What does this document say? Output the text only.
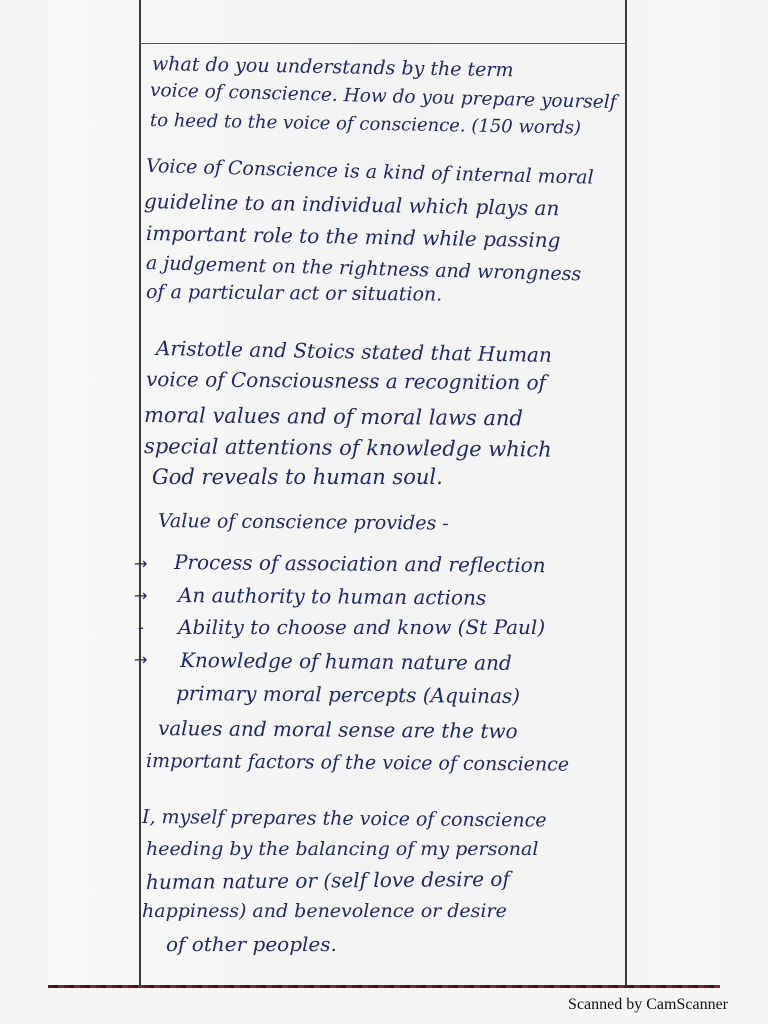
what do you understands by the term
voice of conscience. How do you prepare yourself
to heed to the voice of conscience. (150 words)
Voice of Conscience is a kind of internal moral
guideline to an individual which plays an
important role to the mind while passing
a judgement on the rightness and wrongness
of a particular act or situation.
Aristotle and Stoics stated that Human
voice of Consciousness a recognition of
moral values and of moral laws and
special attentions of knowledge which
God reveals to human soul.
Value of conscience provides -
→ Process of association and reflection
→ An authority to human actions
- Ability to choose and know (St Paul)
→ Knowledge of human nature and
primary moral percepts (Aquinas)
values and moral sense are the two
important factors of the voice of conscience
I, myself prepares the voice of conscience
heeding by the balancing of my personal
human nature or (self love desire of
happiness) and benevolence or desire
of other peoples.
Scanned by CamScanner
